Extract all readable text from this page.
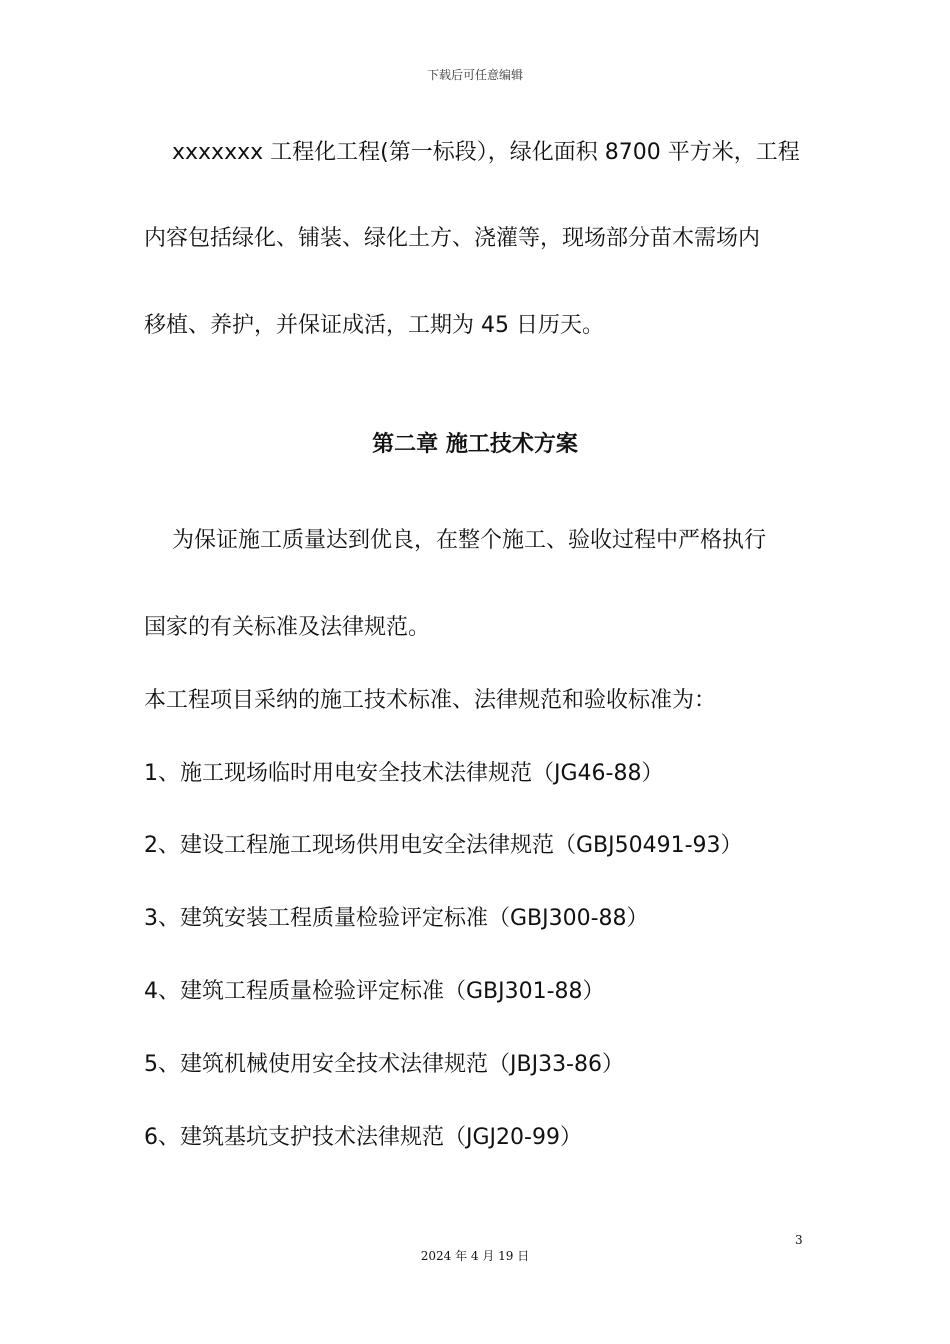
下载后可任意编辑
xxxxxxx 工程化工程(第一标段），绿化面积 8700 平方米，工程
内容包括绿化、铺装、绿化土方、浇灌等，现场部分苗木需场内
移植、养护，并保证成活，工期为 45 日历天。
第二章 施工技术方案
为保证施工质量达到优良，在整个施工、验收过程中严格执行
国家的有关标准及法律规范。
本工程项目采纳的施工技术标准、法律规范和验收标准为：
1、施工现场临时用电安全技术法律规范（JG46-88）
2、建设工程施工现场供用电安全法律规范（GBJ50491-93）
3、建筑安装工程质量检验评定标准（GBJ300-88）
4、建筑工程质量检验评定标准（GBJ301-88）
5、建筑机械使用安全技术法律规范（JBJ33-86）
6、建筑基坑支护技术法律规范（JGJ20-99）
3
2024 年 4 月 19 日
